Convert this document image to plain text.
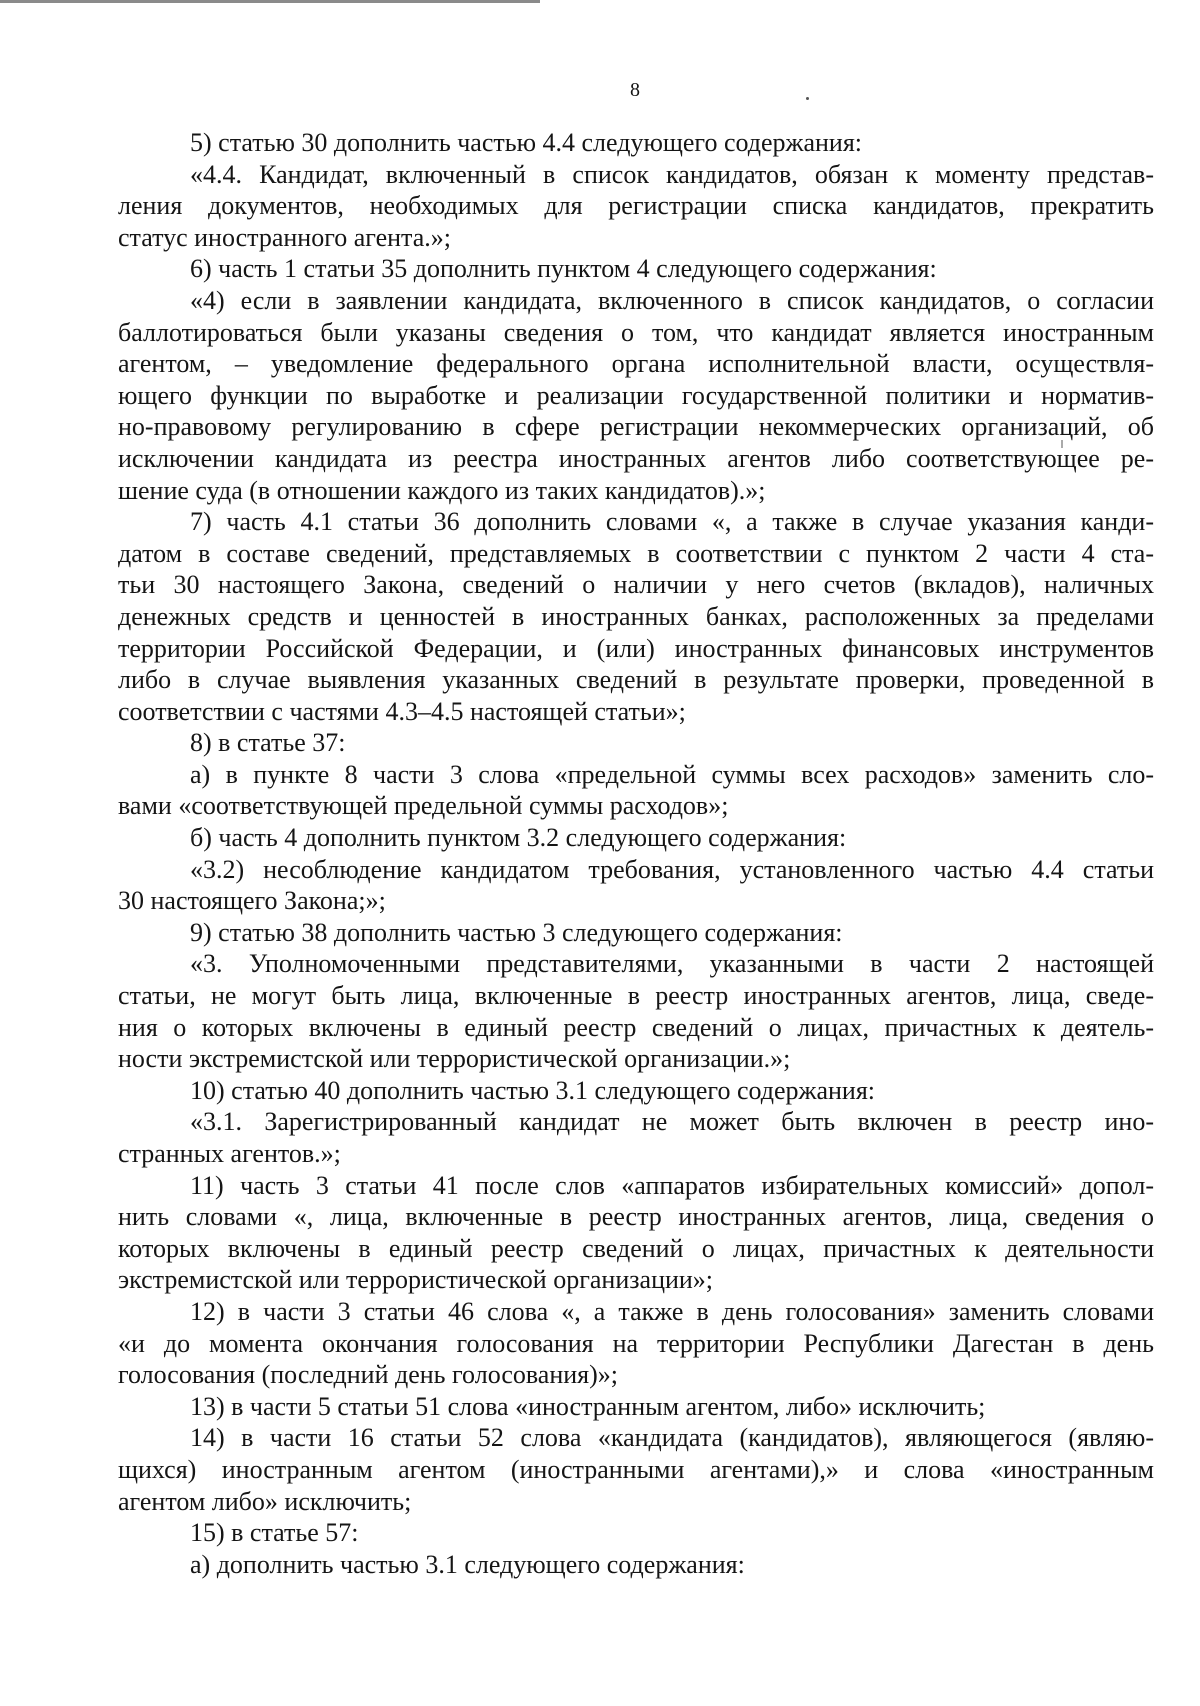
8
5) статью 30 дополнить частью 4.4 следующего содержания:
«4.4. Кандидат, включенный в список кандидатов, обязан к моменту представ-
ления документов, необходимых для регистрации списка кандидатов, прекратить
статус иностранного агента.»;
6) часть 1 статьи 35 дополнить пунктом 4 следующего содержания:
«4) если в заявлении кандидата, включенного в список кандидатов, о согласии
баллотироваться были указаны сведения о том, что кандидат является иностранным
агентом, – уведомление федерального органа исполнительной власти, осуществля-
ющего функции по выработке и реализации государственной политики и норматив-
но-правовому регулированию в сфере регистрации некоммерческих организаций, об
исключении кандидата из реестра иностранных агентов либо соответствующее ре-
шение суда (в отношении каждого из таких кандидатов).»;
7) часть 4.1 статьи 36 дополнить словами «, а также в случае указания канди-
датом в составе сведений, представляемых в соответствии с пунктом 2 части 4 ста-
тьи 30 настоящего Закона, сведений о наличии у него счетов (вкладов), наличных
денежных средств и ценностей в иностранных банках, расположенных за пределами
территории Российской Федерации, и (или) иностранных финансовых инструментов
либо в случае выявления указанных сведений в результате проверки, проведенной в
соответствии с частями 4.3–4.5 настоящей статьи»;
8) в статье 37:
а) в пункте 8 части 3 слова «предельной суммы всех расходов» заменить сло-
вами «соответствующей предельной суммы расходов»;
б) часть 4 дополнить пунктом 3.2 следующего содержания:
«3.2) несоблюдение кандидатом требования, установленного частью 4.4 статьи
30 настоящего Закона;»;
9) статью 38 дополнить частью 3 следующего содержания:
«3. Уполномоченными представителями, указанными в части 2 настоящей
статьи, не могут быть лица, включенные в реестр иностранных агентов, лица, сведе-
ния о которых включены в единый реестр сведений о лицах, причастных к деятель-
ности экстремистской или террористической организации.»;
10) статью 40 дополнить частью 3.1 следующего содержания:
«3.1. Зарегистрированный кандидат не может быть включен в реестр ино-
странных агентов.»;
11) часть 3 статьи 41 после слов «аппаратов избирательных комиссий» допол-
нить словами «, лица, включенные в реестр иностранных агентов, лица, сведения о
которых включены в единый реестр сведений о лицах, причастных к деятельности
экстремистской или террористической организации»;
12) в части 3 статьи 46 слова «, а также в день голосования» заменить словами
«и до момента окончания голосования на территории Республики Дагестан в день
голосования (последний день голосования)»;
13) в части 5 статьи 51 слова «иностранным агентом, либо» исключить;
14) в части 16 статьи 52 слова «кандидата (кандидатов), являющегося (являю-
щихся) иностранным агентом (иностранными агентами),» и слова «иностранным
агентом либо» исключить;
15) в статье 57:
а) дополнить частью 3.1 следующего содержания:
